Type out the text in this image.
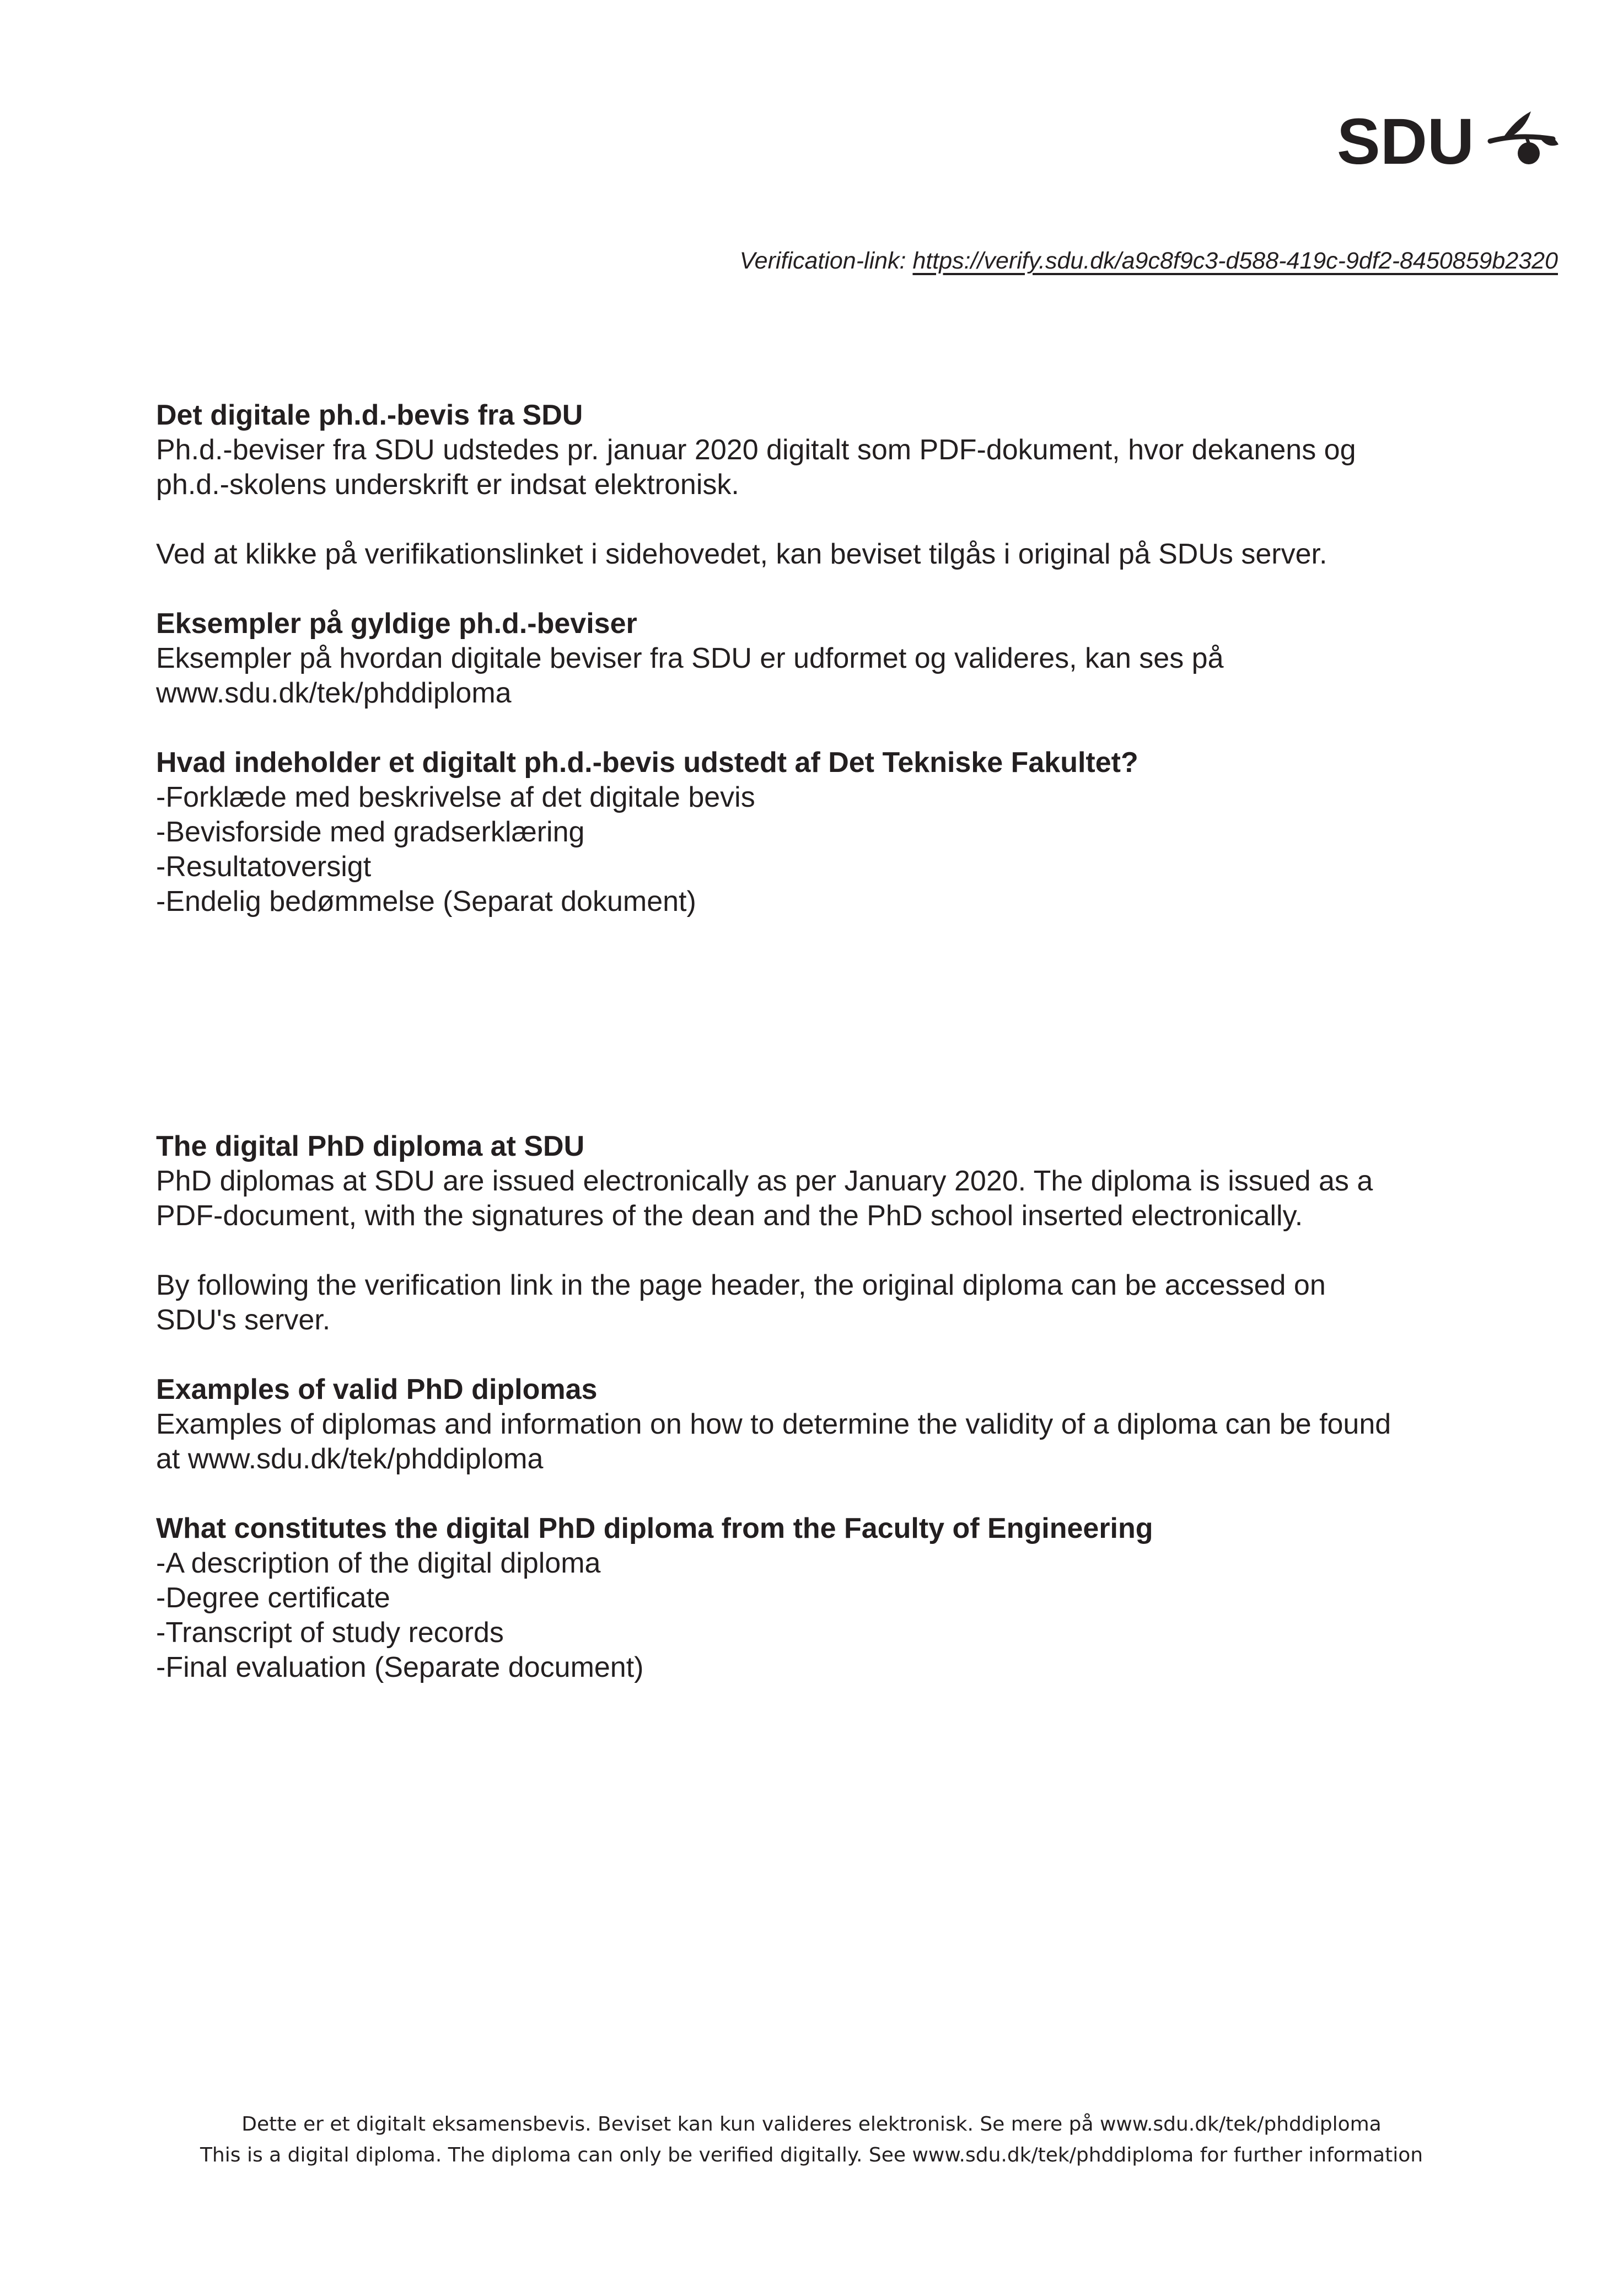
SDU
Verification-link: https://verify.sdu.dk/a9c8f9c3-d588-419c-9df2-8450859b2320

Det digitale ph.d.-bevis fra SDU

Ph.d.-beviser fra SDU udstedes pr. januar 2020 digitalt som PDF-dokument, hvor dekanens og

ph.d.-skolens underskrift er indsat elektronisk.

Ved at klikke på verifikationslinket i sidehovedet, kan beviset tilgås i original på SDUs server.

Eksempler på gyldige ph.d.-beviser

Eksempler på hvordan digitale beviser fra SDU er udformet og valideres, kan ses på

www.sdu.dk/tek/phddiploma

Hvad indeholder et digitalt ph.d.-bevis udstedt af Det Tekniske Fakultet?

-Forklæde med beskrivelse af det digitale bevis

-Bevisforside med gradserklæring

-Resultatoversigt

-Endelig bedømmelse (Separat dokument)

The digital PhD diploma at SDU

PhD diplomas at SDU are issued electronically as per January 2020. The diploma is issued as a

PDF-document, with the signatures of the dean and the PhD school inserted electronically.

By following the verification link in the page header, the original diploma can be accessed on

SDU's server.

Examples of valid PhD diplomas

Examples of diplomas and information on how to determine the validity of a diploma can be found

at www.sdu.dk/tek/phddiploma

What constitutes the digital PhD diploma from the Faculty of Engineering

-A description of the digital diploma

-Degree certificate

-Transcript of study records

-Final evaluation (Separate document)

Dette er et digitalt eksamensbevis. Beviset kan kun valideres elektronisk. Se mere på www.sdu.dk/tek/phddiploma

This is a digital diploma. The diploma can only be verified digitally. See www.sdu.dk/tek/phddiploma for further information
